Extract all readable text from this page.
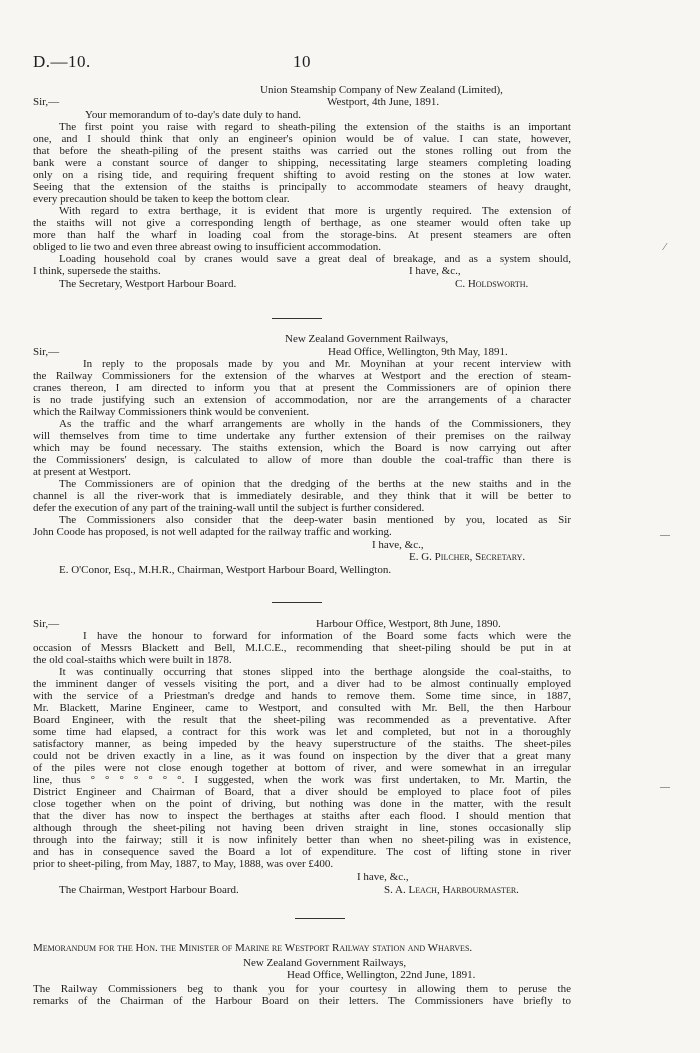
D.—10.	10
Union Steamship Company of New Zealand (Limited),
Sir,—	Westport, 4th June, 1891.
Your memorandum of to-day's date duly to hand.
The first point you raise with regard to sheath-piling the extension of the staiths is an important
one, and I should think that only an engineer's opinion would be of value. I can state, however,
that before the sheath-piling of the present staiths was carried out the stones rolling out from the
bank were a constant source of danger to shipping, necessitating large steamers completing loading
only on a rising tide, and requiring frequent shifting to avoid resting on the stones at low water.
Seeing that the extension of the staiths is principally to accommodate steamers of heavy draught,
every precaution should be taken to keep the bottom clear.
With regard to extra berthage, it is evident that more is urgently required. The extension of
the staiths will not give a corresponding length of berthage, as one steamer would often take up
more than half the wharf in loading coal from the storage-bins. At present steamers are often
obliged to lie two and even three abreast owing to insufficient accommodation.
Loading household coal by cranes would save a great deal of breakage, and as a system should,
I think, supersede the staiths.	I have, &c.,
The Secretary, Westport Harbour Board.	C. Holdsworth.
New Zealand Government Railways,
Sir,—	Head Office, Wellington, 9th May, 1891.
In reply to the proposals made by you and Mr. Moynihan at your recent interview with
the Railway Commissioners for the extension of the wharves at Westport and the erection of steam-
cranes thereon, I am directed to inform you that at present the Commissioners are of opinion there
is no trade justifying such an extension of accommodation, nor are the arrangements of a character
which the Railway Commissioners think would be convenient.
As the traffic and the wharf arrangements are wholly in the hands of the Commissioners, they
will themselves from time to time undertake any further extension of their premises on the railway
which may be found necessary. The staiths extension, which the Board is now carrying out after
the Commissioners' design, is calculated to allow of more than double the coal-traffic than there is
at present at Westport.
The Commissioners are of opinion that the dredging of the berths at the new staiths and in the
channel is all the river-work that is immediately desirable, and they think that it will be better to
defer the execution of any part of the training-wall until the subject is further considered.
The Commissioners also consider that the deep-water basin mentioned by you, located as Sir
John Coode has proposed, is not well adapted for the railway traffic and working.
I have, &c.,
E. G. Pilcher, Secretary.
E. O'Conor, Esq., M.H.R., Chairman, Westport Harbour Board, Wellington.
Sir,—	Harbour Office, Westport, 8th June, 1890.
I have the honour to forward for information of the Board some facts which were the
occasion of Messrs Blackett and Bell, M.I.C.E., recommending that sheet-piling should be put in at
the old coal-staiths which were built in 1878.
It was continually occurring that stones slipped into the berthage alongside the coal-staiths, to
the imminent danger of vessels visiting the port, and a diver had to be almost continually employed
with the service of a Priestman's dredge and hands to remove them. Some time since, in 1887,
Mr. Blackett, Marine Engineer, came to Westport, and consulted with Mr. Bell, the then Harbour
Board Engineer, with the result that the sheet-piling was recommended as a preventative. After
some time had elapsed, a contract for this work was let and completed, but not in a thoroughly
satisfactory manner, as being impeded by the heavy superstructure of the staiths. The sheet-piles
could not be driven exactly in a line, as it was found on inspection by the diver that a great many
of the piles were not close enough together at bottom of river, and were somewhat in an irregular
line, thus ° ° ° ° ° ° °. I suggested, when the work was first undertaken, to Mr. Martin, the
District Engineer and Chairman of Board, that a diver should be employed to place foot of piles
close together when on the point of driving, but nothing was done in the matter, with the result
that the diver has now to inspect the berthages at staiths after each flood. I should mention that
although through the sheet-piling not having been driven straight in line, stones occasionally slip
through into the fairway; still it is now infinitely better than when no sheet-piling was in existence,
and has in consequence saved the Board a lot of expenditure. The cost of lifting stone in river
prior to sheet-piling, from May, 1887, to May, 1888, was over £400.
I have, &c.,
The Chairman, Westport Harbour Board.	S. A. Leach, Harbourmaster.
Memorandum for the Hon. the Minister of Marine re Westport Railway station and Wharves.
New Zealand Government Railways,
Head Office, Wellington, 22nd June, 1891.
The Railway Commissioners beg to thank you for your courtesy in allowing them to peruse the
remarks of the Chairman of the Harbour Board on their letters. The Commissioners have briefly to
⁄
—
—
